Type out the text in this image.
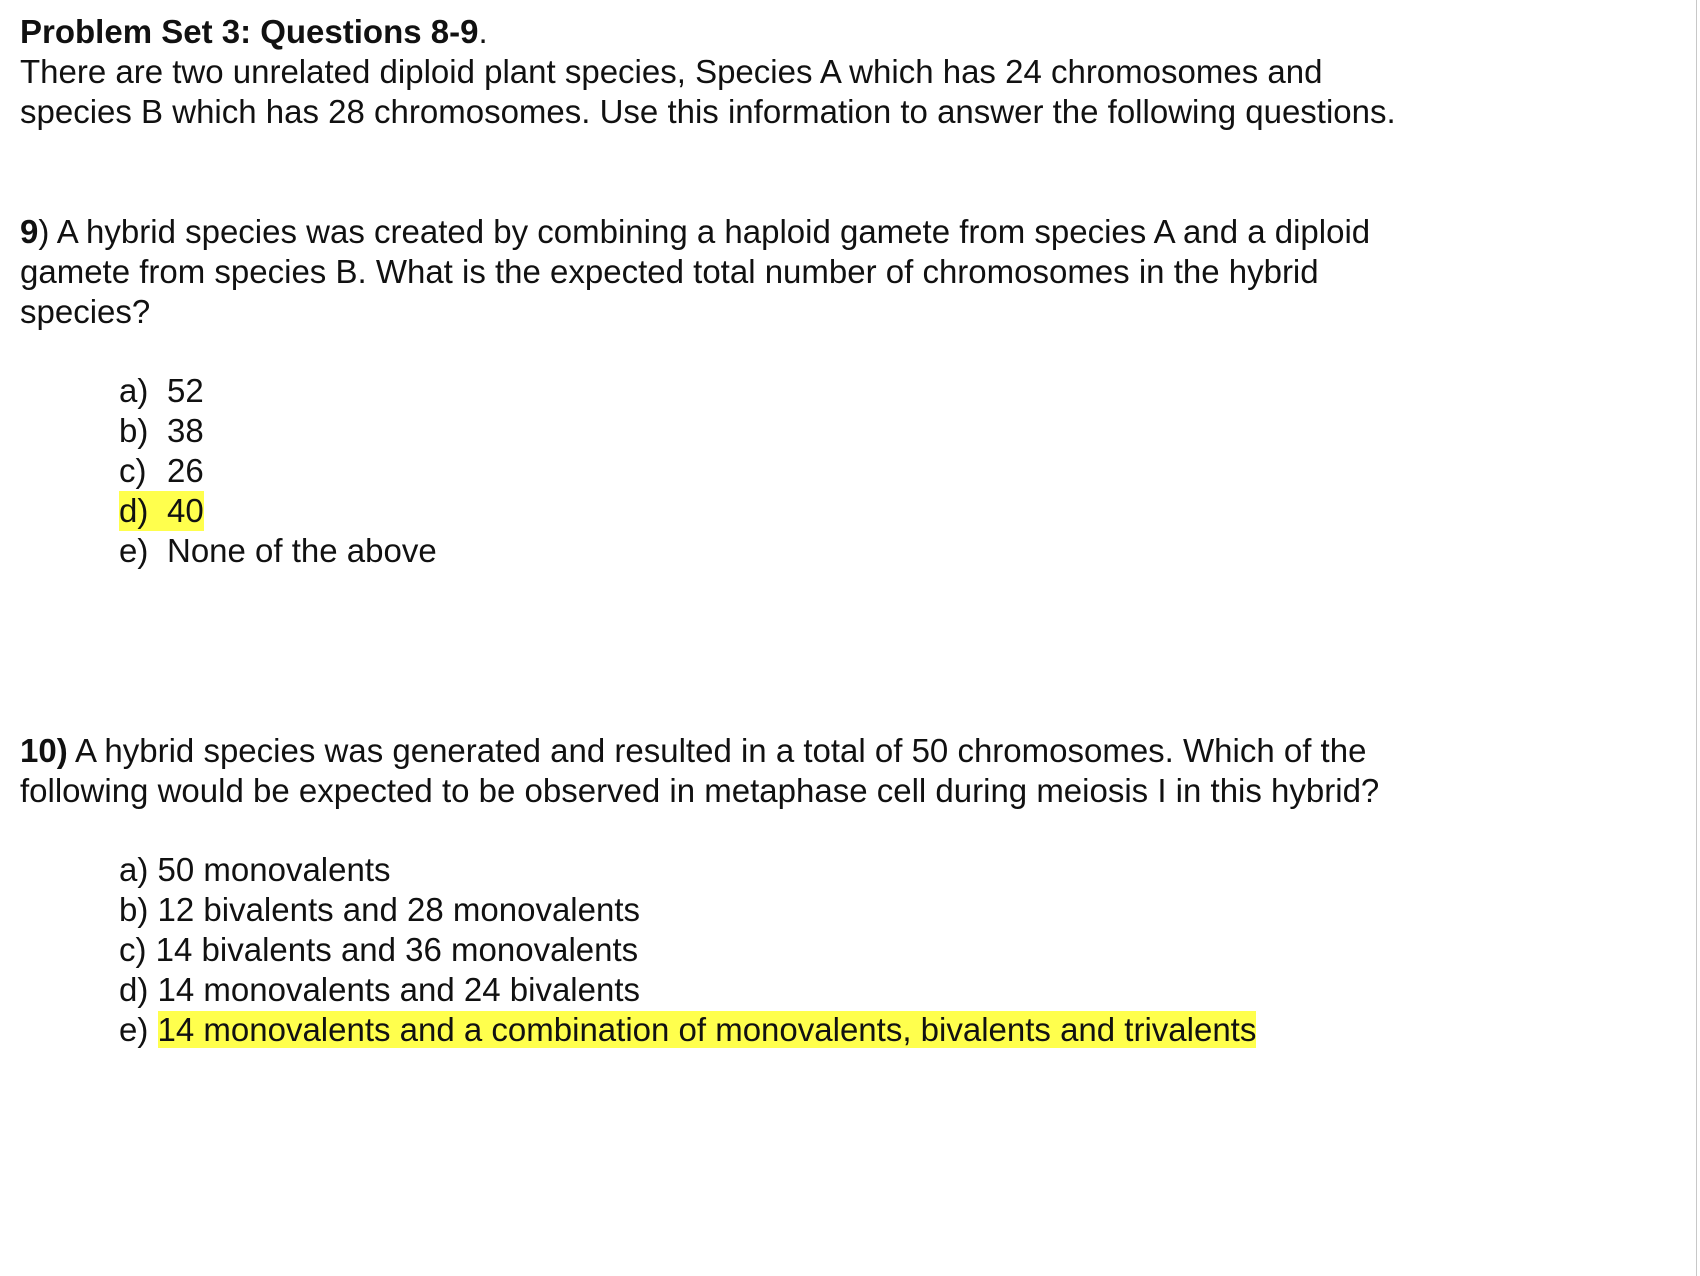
Problem Set 3: Questions 8-9.
There are two unrelated diploid plant species, Species A which has 24 chromosomes and
species B which has 28 chromosomes. Use this information to answer the following questions.
9) A hybrid species was created by combining a haploid gamete from species A and a diploid
gamete from species B. What is the expected total number of chromosomes in the hybrid
species?
a) 52
b) 38
c) 26
d) 40
e) None of the above
10) A hybrid species was generated and resulted in a total of 50 chromosomes. Which of the
following would be expected to be observed in metaphase cell during meiosis I in this hybrid?
a) 50 monovalents
b) 12 bivalents and 28 monovalents
c) 14 bivalents and 36 monovalents
d) 14 monovalents and 24 bivalents
e) 14 monovalents and a combination of monovalents, bivalents and trivalents
